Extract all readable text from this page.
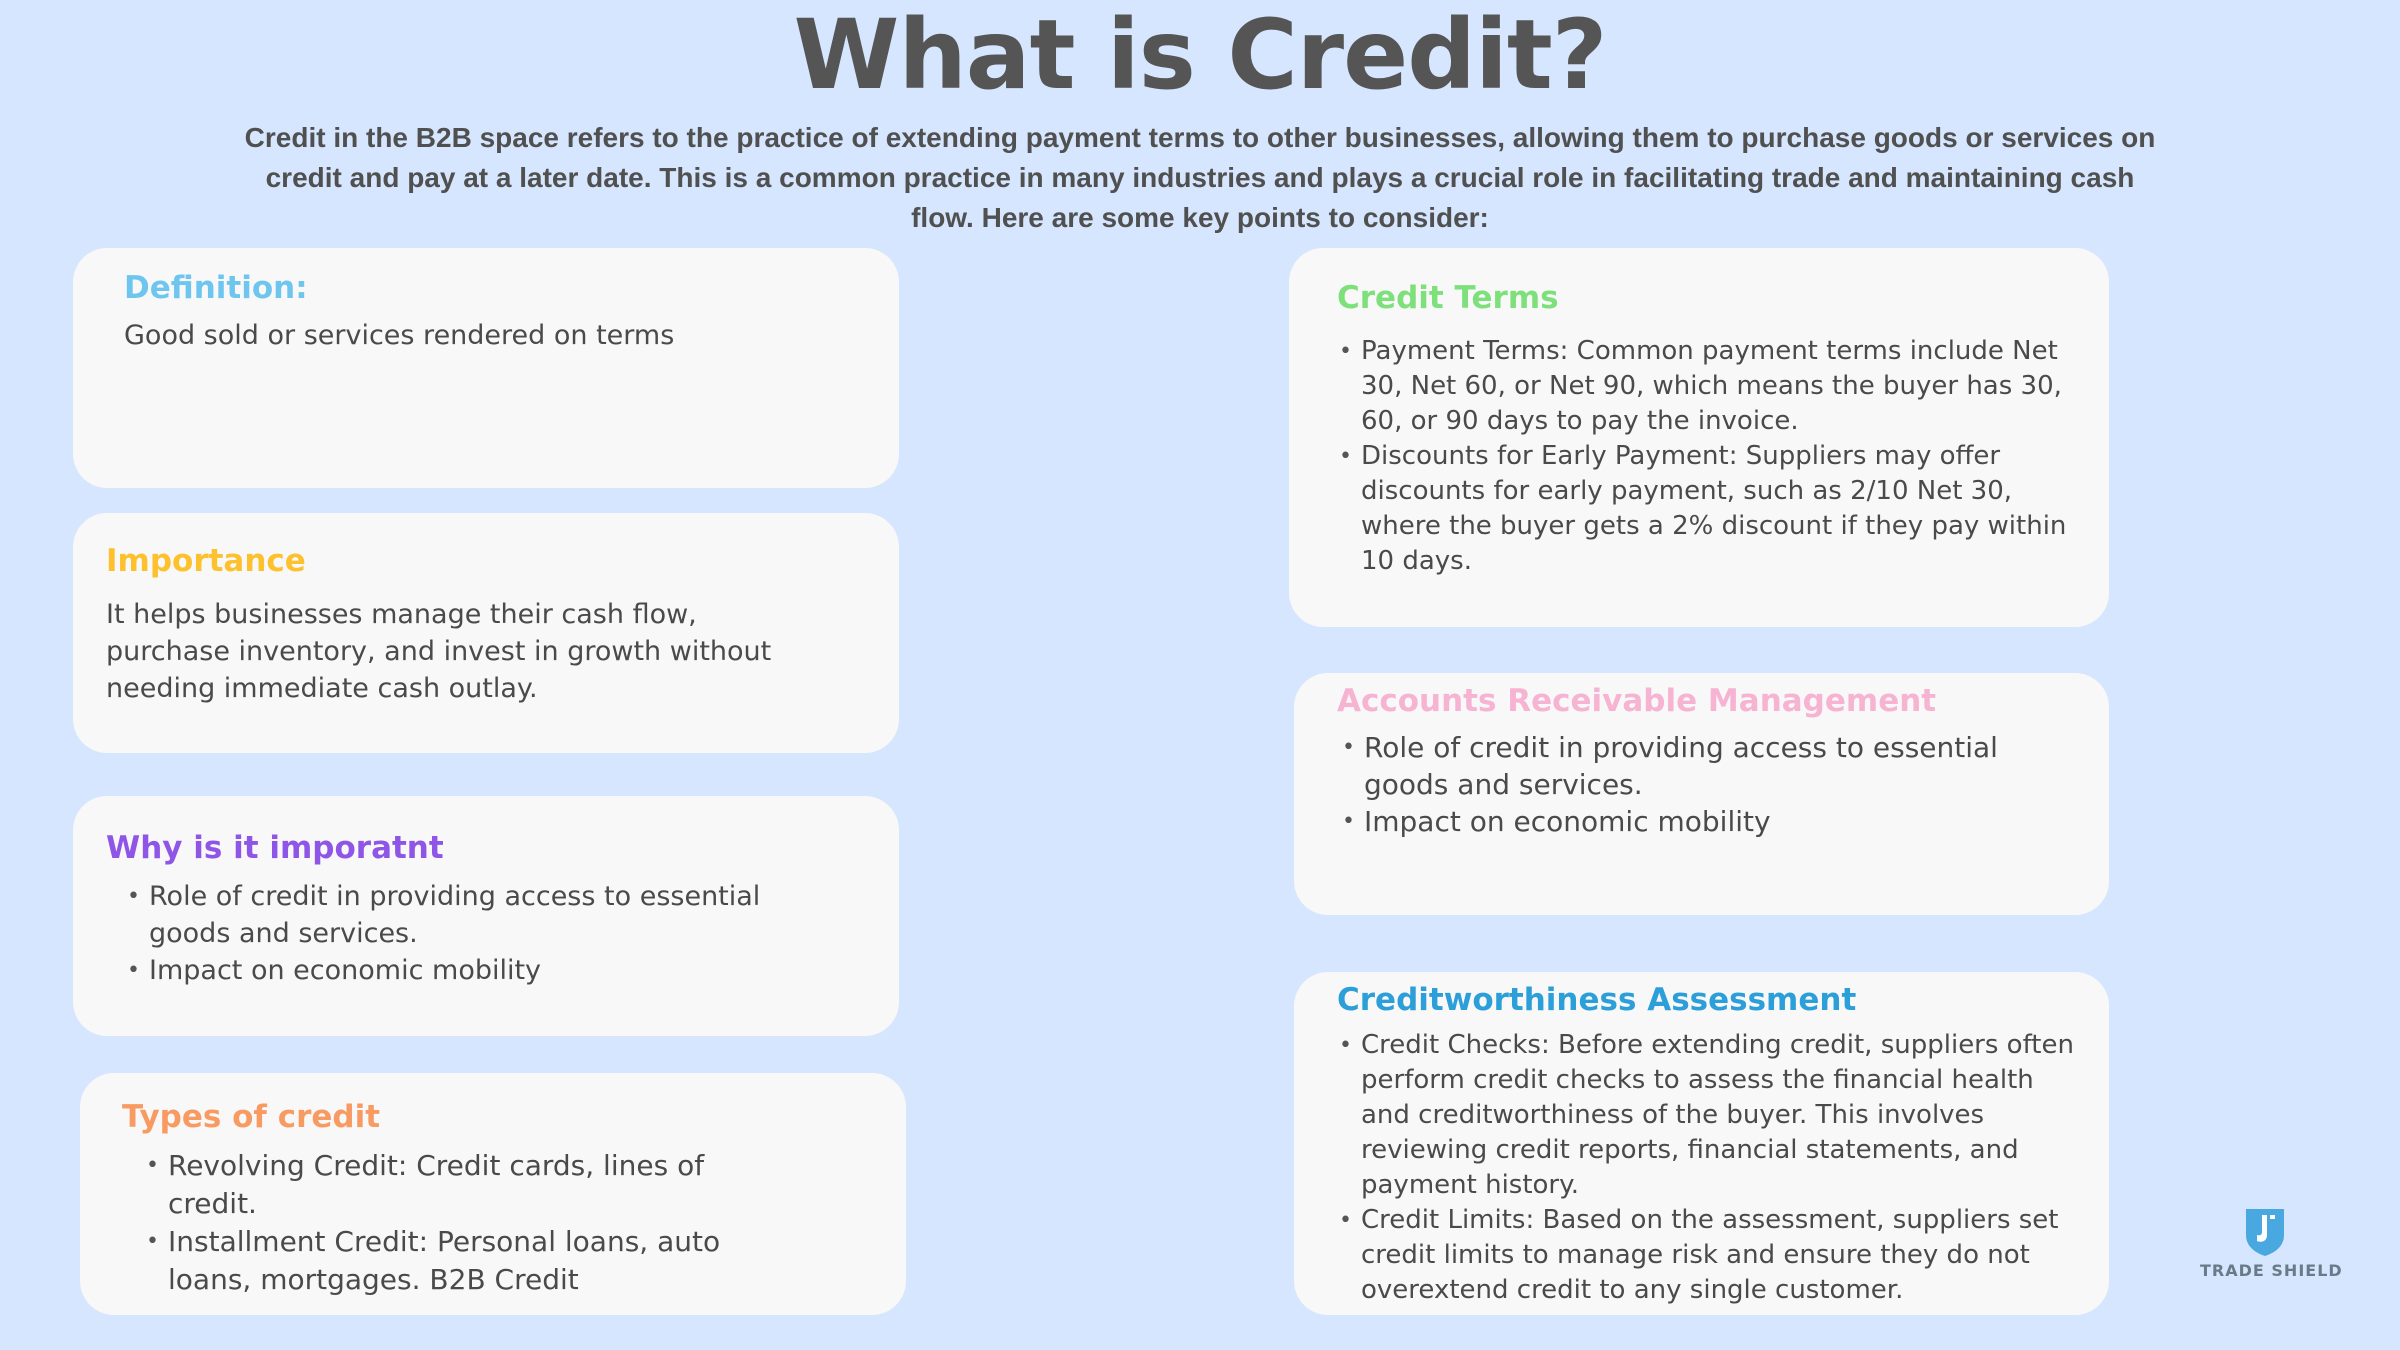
What is Credit?

Credit in the B2B space refers to the practice of extending payment terms to other businesses, allowing them to purchase goods or services on credit and pay at a later date. This is a common practice in many industries and plays a crucial role in facilitating trade and maintaining cash flow. Here are some key points to consider:

Definition:

Good sold or services rendered on terms

Importance

It helps businesses manage their cash flow, purchase inventory, and invest in growth without needing immediate cash outlay.

Why is it imporatnt
• Role of credit in providing access to essential goods and services.
• Impact on economic mobility
Types of credit
• Revolving Credit: Credit cards, lines of credit.
• Installment Credit: Personal loans, auto loans, mortgages. B2B Credit
Credit Terms
• Payment Terms: Common payment terms include Net 30, Net 60, or Net 90, which means the buyer has 30, 60, or 90 days to pay the invoice.
• Discounts for Early Payment: Suppliers may offer discounts for early payment, such as 2/10 Net 30, where the buyer gets a 2% discount if they pay within 10 days.
Accounts Receivable Management
• Role of credit in providing access to essential goods and services.
• Impact on economic mobility
Creditworthiness Assessment
• Credit Checks: Before extending credit, suppliers often perform credit checks to assess the financial health and creditworthiness of the buyer. This involves reviewing credit reports, financial statements, and payment history.
• Credit Limits: Based on the assessment, suppliers set credit limits to manage risk and ensure they do not overextend credit to any single customer.
TRADE SHIELD
